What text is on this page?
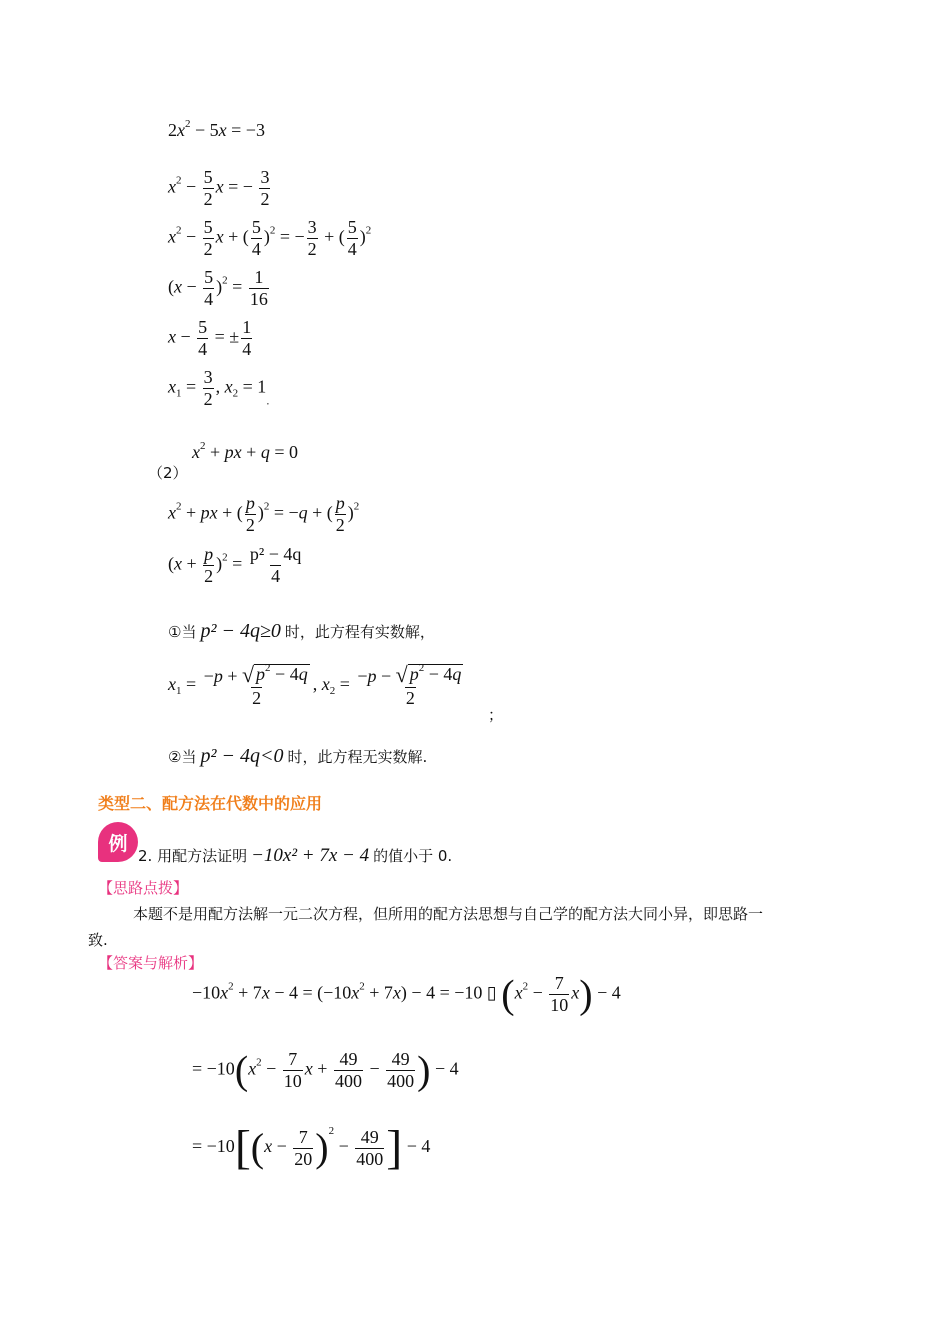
$2x^2 - 5x = -3$
$x^2 - \frac{5}{2}$ x = − $\frac{3}{2}$
$x^2 - \frac{5}{2}$ x + ( $\frac{5}{4} )^2$ = − $\frac{3}{2}$ + ( $\frac{5}{4} )^2$
$(x - \frac{5}{4} )^2 = \frac{1}{16}$
$x - \frac{5}{4}$ = ± $\frac{1}{4}$
$x_1 = \frac{3}{2}$ , $x_2 = 1_.$
（2）
$x^2$ + px + q = 0
$x^2$ + px + ( $\frac{p}{2} )^2 = -q$ + ( $\frac{p}{2} )^2$
$(x + \frac{p}{2} )^2 = \frac{\text{p² − 4q}}{4}$
①当 p² − 4q≥0 时，此方程有实数解，
$x_1 = \frac{-p + √ p^2 - 4q}{2}$ , $x_2 = \frac{-p - √ p^2 - 4q}{2}$
；
②当 p² − 4q<0 时，此方程无实数解.
类型二、配方法在代数中的应用
例
2. 用配方法证明 −10x² + 7x − 4 的值小于 0.
【思路点拨】
本题不是用配方法解一元二次方程，但所用的配方法思想与自己学的配方法大同小异，即思路一
致.
【答案与解析】
$-10x^2 + 7x - 4 = (-10x^2 + 7x) - 4 = -10$ ▯ $(x^2 - \frac{7}{10} x) - 4$
= $-10(x^2 - \frac{7}{10}$ $x + \frac{49}{400} - \frac{49}{400}$ ) − 4
= $-10[(x - \frac{7}{20} )^2 - \frac{49}{400}$ ] − 4
